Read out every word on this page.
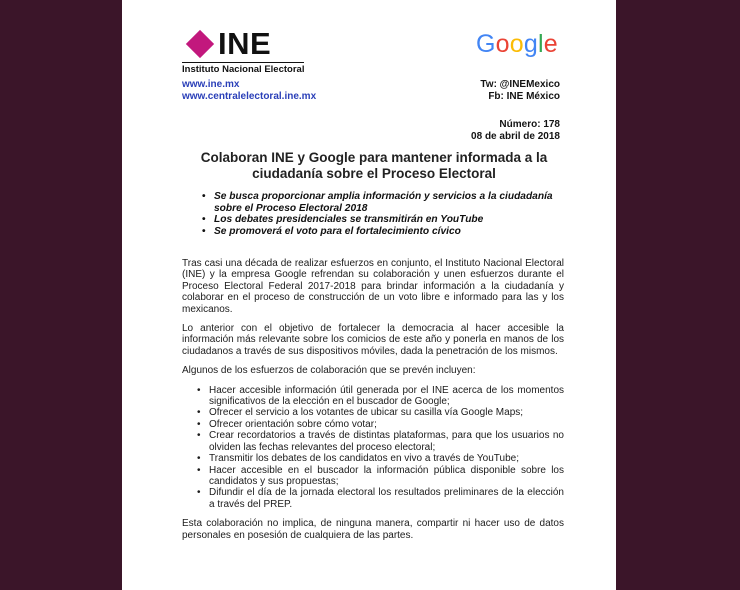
INE
Instituto Nacional Electoral
Google
www.ine.mx
www.centralelectoral.ine.mx
Tw: @INEMexico
Fb: INE México
Número: 178
08 de abril de 2018
Colaboran INE y Google para mantener informada a la ciudadanía sobre el Proceso Electoral
• Se busca proporcionar amplia información y servicios a la ciudadanía sobre el Proceso Electoral 2018
• Los debates presidenciales se transmitirán en YouTube
• Se promoverá el voto para el fortalecimiento cívico

Tras casi una década de realizar esfuerzos en conjunto, el Instituto Nacional Electoral (INE) y la empresa Google refrendan su colaboración y unen esfuerzos durante el Proceso Electoral Federal 2017-2018 para brindar información a la ciudadanía y colaborar en el proceso de construcción de un voto libre e informado para las y los mexicanos.

Lo anterior con el objetivo de fortalecer la democracia al hacer accesible la información más relevante sobre los comicios de este año y ponerla en manos de los ciudadanos a través de sus dispositivos móviles, dada la penetración de los mismos.

Algunos de los esfuerzos de colaboración que se prevén incluyen:

• Hacer accesible información útil generada por el INE acerca de los momentos significativos de la elección en el buscador de Google;
• Ofrecer el servicio a los votantes de ubicar su casilla vía Google Maps;
• Ofrecer orientación sobre cómo votar;
• Crear recordatorios a través de distintas plataformas, para que los usuarios no olviden las fechas relevantes del proceso electoral;
• Transmitir los debates de los candidatos en vivo a través de YouTube;
• Hacer accesible en el buscador la información pública disponible sobre los candidatos y sus propuestas;
• Difundir el día de la jornada electoral los resultados preliminares de la elección a través del PREP.

Esta colaboración no implica, de ninguna manera, compartir ni hacer uso de datos personales en posesión de cualquiera de las partes.
